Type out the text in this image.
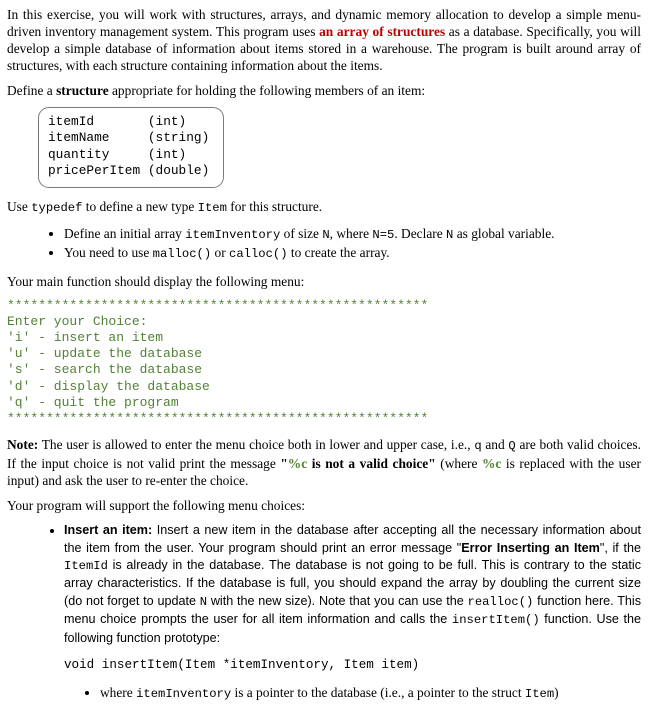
In this exercise, you will work with structures, arrays, and dynamic memory allocation to develop a simple menu-driven inventory management system. This program uses an array of structures as a database. Specifically, you will develop a simple database of information about items stored in a warehouse. The program is built around array of structures, with each structure containing information about the items.

Define a structure appropriate for holding the following members of an item:

itemId       (int)
itemName     (string)
quantity     (int)
pricePerItem (double)

Use typedef to define a new type Item for this structure.

• Define an initial array itemInventory of size N, where N=5. Declare N as global variable.
• You need to use malloc() or calloc() to create the array.

Your main function should display the following menu:

******************************************************
Enter your Choice:
'i' - insert an item
'u' - update the database
's' - search the database
'd' - display the database
'q' - quit the program
******************************************************

Note: The user is allowed to enter the menu choice both in lower and upper case, i.e., q and Q are both valid choices. If the input choice is not valid print the message "%c is not a valid choice" (where %c is replaced with the user input) and ask the user to re-enter the choice.

Your program will support the following menu choices:

• Insert an item: Insert a new item in the database after accepting all the necessary information about the item from the user. Your program should print an error message "Error Inserting an Item", if the ItemId is already in the database. The database is not going to be full. This is contrary to the static array characteristics. If the database is full, you should expand the array by doubling the current size (do not forget to update N with the new size). Note that you can use the realloc() function here. This menu choice prompts the user for all item information and calls the insertItem() function. Use the following function prototype:
void insertItem(Item *itemInventory, Item item)
• where itemInventory is a pointer to the database (i.e., a pointer to the struct Item)
